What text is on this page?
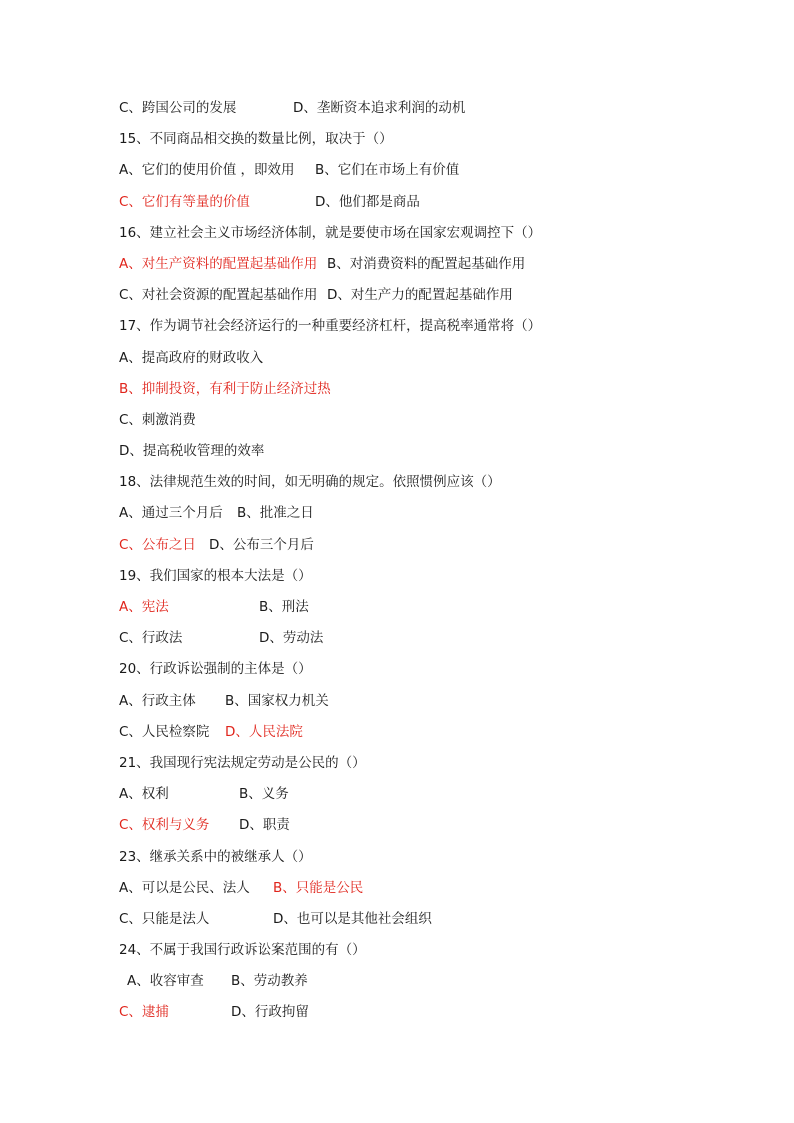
C、跨国公司的发展

	D、垄断资本追求利润的动机

15、不同商品相交换的数量比例，取决于（）

A、它们的使用价值 ，即效用

B、它们在市场上有价值

C、它们有等量的价值

	D、他们都是商品

16、建立社会主义市场经济体制，就是要使市场在国家宏观调控下（）

A、对生产资料的配置起基础作用

B、对消费资料的配置起基础作用

C、对社会资源的配置起基础作用

D、对生产力的配置起基础作用

17、作为调节社会经济运行的一种重要经济杠杆，提高税率通常将（）

A、提高政府的财政收入

B、抑制投资，有利于防止经济过热

C、刺激消费

D、提高税收管理的效率

18、法律规范生效的时间，如无明确的规定。依照惯例应该（）

A、通过三个月后

B、批准之日

C、公布之日

D、公布三个月后

19、我们国家的根本大法是（）

A、宪法

	B、刑法

C、行政法

	D、劳动法

20、行政诉讼强制的主体是（）

A、行政主体

B、国家权力机关

C、人民检察院

D、人民法院

21、我国现行宪法规定劳动是公民的（）

A、权利

	B、义务

C、权利与义务

D、职责

23、继承关系中的被继承人（）

A、可以是公民、法人

B、只能是公民

C、只能是法人

	D、也可以是其他社会组织

24、不属于我国行政诉讼案范围的有（）

A、收容审查

B、劳动教养

C、逮捕

	D、行政拘留
